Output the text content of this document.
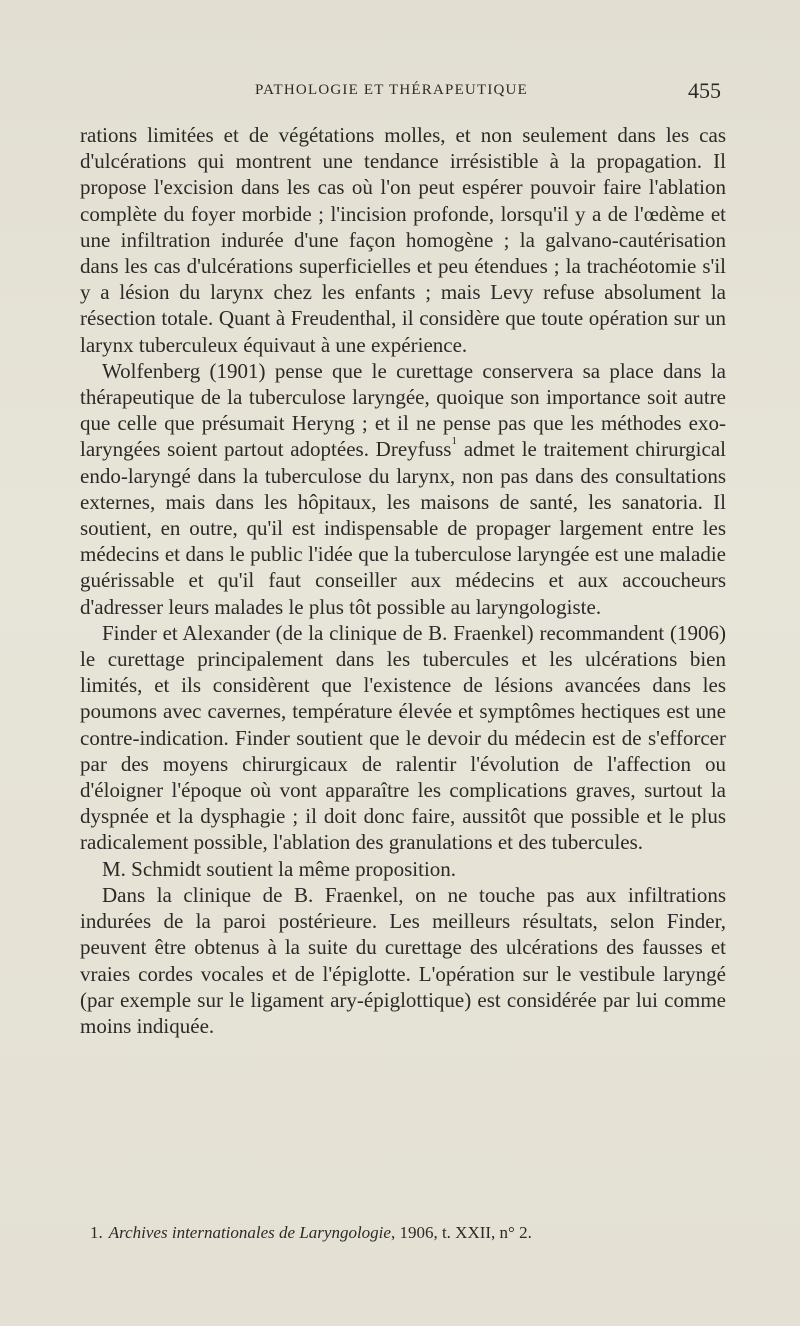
PATHOLOGIE ET THÉRAPEUTIQUE	455

rations limitées et de végétations molles, et non seulement dans les cas d'ulcérations qui montrent une tendance irrésistible à la propagation. Il propose l'excision dans les cas où l'on peut espérer pouvoir faire l'ablation complète du foyer morbide ; l'incision profonde, lorsqu'il y a de l'œdème et une infiltration indurée d'une façon homogène ; la galvano-cautérisation dans les cas d'ulcérations superficielles et peu étendues ; la trachéotomie s'il y a lésion du larynx chez les enfants ; mais Levy refuse absolument la résection totale. Quant à Freudenthal, il considère que toute opération sur un larynx tuberculeux équivaut à une expérience.

Wolfenberg (1901) pense que le curettage conservera sa place dans la thérapeutique de la tuberculose laryngée, quoique son importance soit autre que celle que présumait Heryng ; et il ne pense pas que les méthodes exo-laryngées soient partout adoptées. Dreyfuss$^1$ admet le traitement chirurgical endo-laryngé dans la tuberculose du larynx, non pas dans des consultations externes, mais dans les hôpitaux, les maisons de santé, les sanatoria. Il soutient, en outre, qu'il est indispensable de propager largement entre les médecins et dans le public l'idée que la tuberculose laryngée est une maladie guérissable et qu'il faut conseiller aux médecins et aux accoucheurs d'adresser leurs malades le plus tôt possible au laryngologiste.

Finder et Alexander (de la clinique de B. Fraenkel) recommandent (1906) le curettage principalement dans les tubercules et les ulcérations bien limités, et ils considèrent que l'existence de lésions avancées dans les poumons avec cavernes, température élevée et symptômes hectiques est une contre-indication. Finder soutient que le devoir du médecin est de s'efforcer par des moyens chirurgicaux de ralentir l'évolution de l'affection ou d'éloigner l'époque où vont apparaître les complications graves, surtout la dyspnée et la dysphagie ; il doit donc faire, aussitôt que possible et le plus radicalement possible, l'ablation des granulations et des tubercules.

M. Schmidt soutient la même proposition.

Dans la clinique de B. Fraenkel, on ne touche pas aux infiltrations indurées de la paroi postérieure. Les meilleurs résultats, selon Finder, peuvent être obtenus à la suite du curettage des ulcérations des fausses et vraies cordes vocales et de l'épiglotte. L'opération sur le vestibule laryngé (par exemple sur le ligament ary-épiglottique) est considérée par lui comme moins indiquée.

1. Archives internationales de Laryngologie, 1906, t. XXII, n° 2.
